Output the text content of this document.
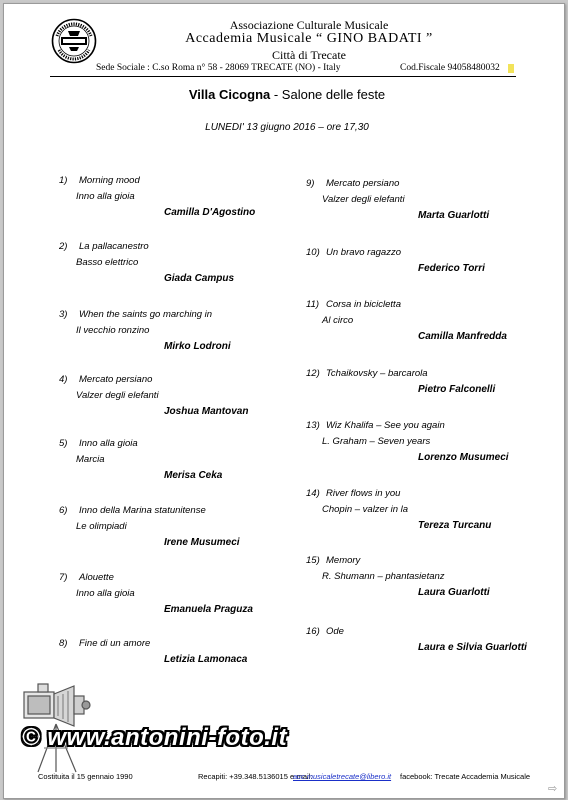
Associazione Culturale Musicale
Accademia Musicale “ GINO BADATI ”
Città di Trecate
Sede Sociale : C.so Roma n° 58 - 28069 TRECATE (NO) - Italy	Cod.Fiscale 94058480032
Villa Cicogna - Salone delle feste
LUNEDI' 13 giugno 2016 – ore 17,30
1) Morning mood
Inno alla gioia
Camilla D'Agostino
2) La pallacanestro
Basso elettrico
Giada Campus
3) When the saints go marching in
Il vecchio ronzino
Mirko Lodroni
4) Mercato persiano
Valzer degli elefanti
Joshua Mantovan
5) Inno alla gioia
Marcia
Merisa Ceka
6) Inno della Marina statunitense
Le olimpiadi
Irene Musumeci
7) Alouette
Inno alla gioia
Emanuela Praguza
8) Fine di un amore
Letizia Lamonaca
9) Mercato persiano
Valzer degli elefanti
Marta Guarlotti
10) Un bravo ragazzo
Federico Torri
11) Corsa in bicicletta
Al circo
Camilla Manfredda
12) Tchaikovsky – barcarola
Pietro Falconelli
13) Wiz Khalifa – See you again
L. Graham – Seven years
Lorenzo Musumeci
14) River flows in you
Chopin – valzer in la
Tereza Turcanu
15) Memory
R. Shumann – phantasietanz
Laura Guarlotti
16) Ode
Laura e Silvia Guarlotti
© www.antonini-foto.it
Costituita il 15 gennaio 1990	Recapiti: +39.348.5136015 e-mail:
acc.musicaletrecate@libero.it facebook: Trecate Accademia Musicale
⇨
